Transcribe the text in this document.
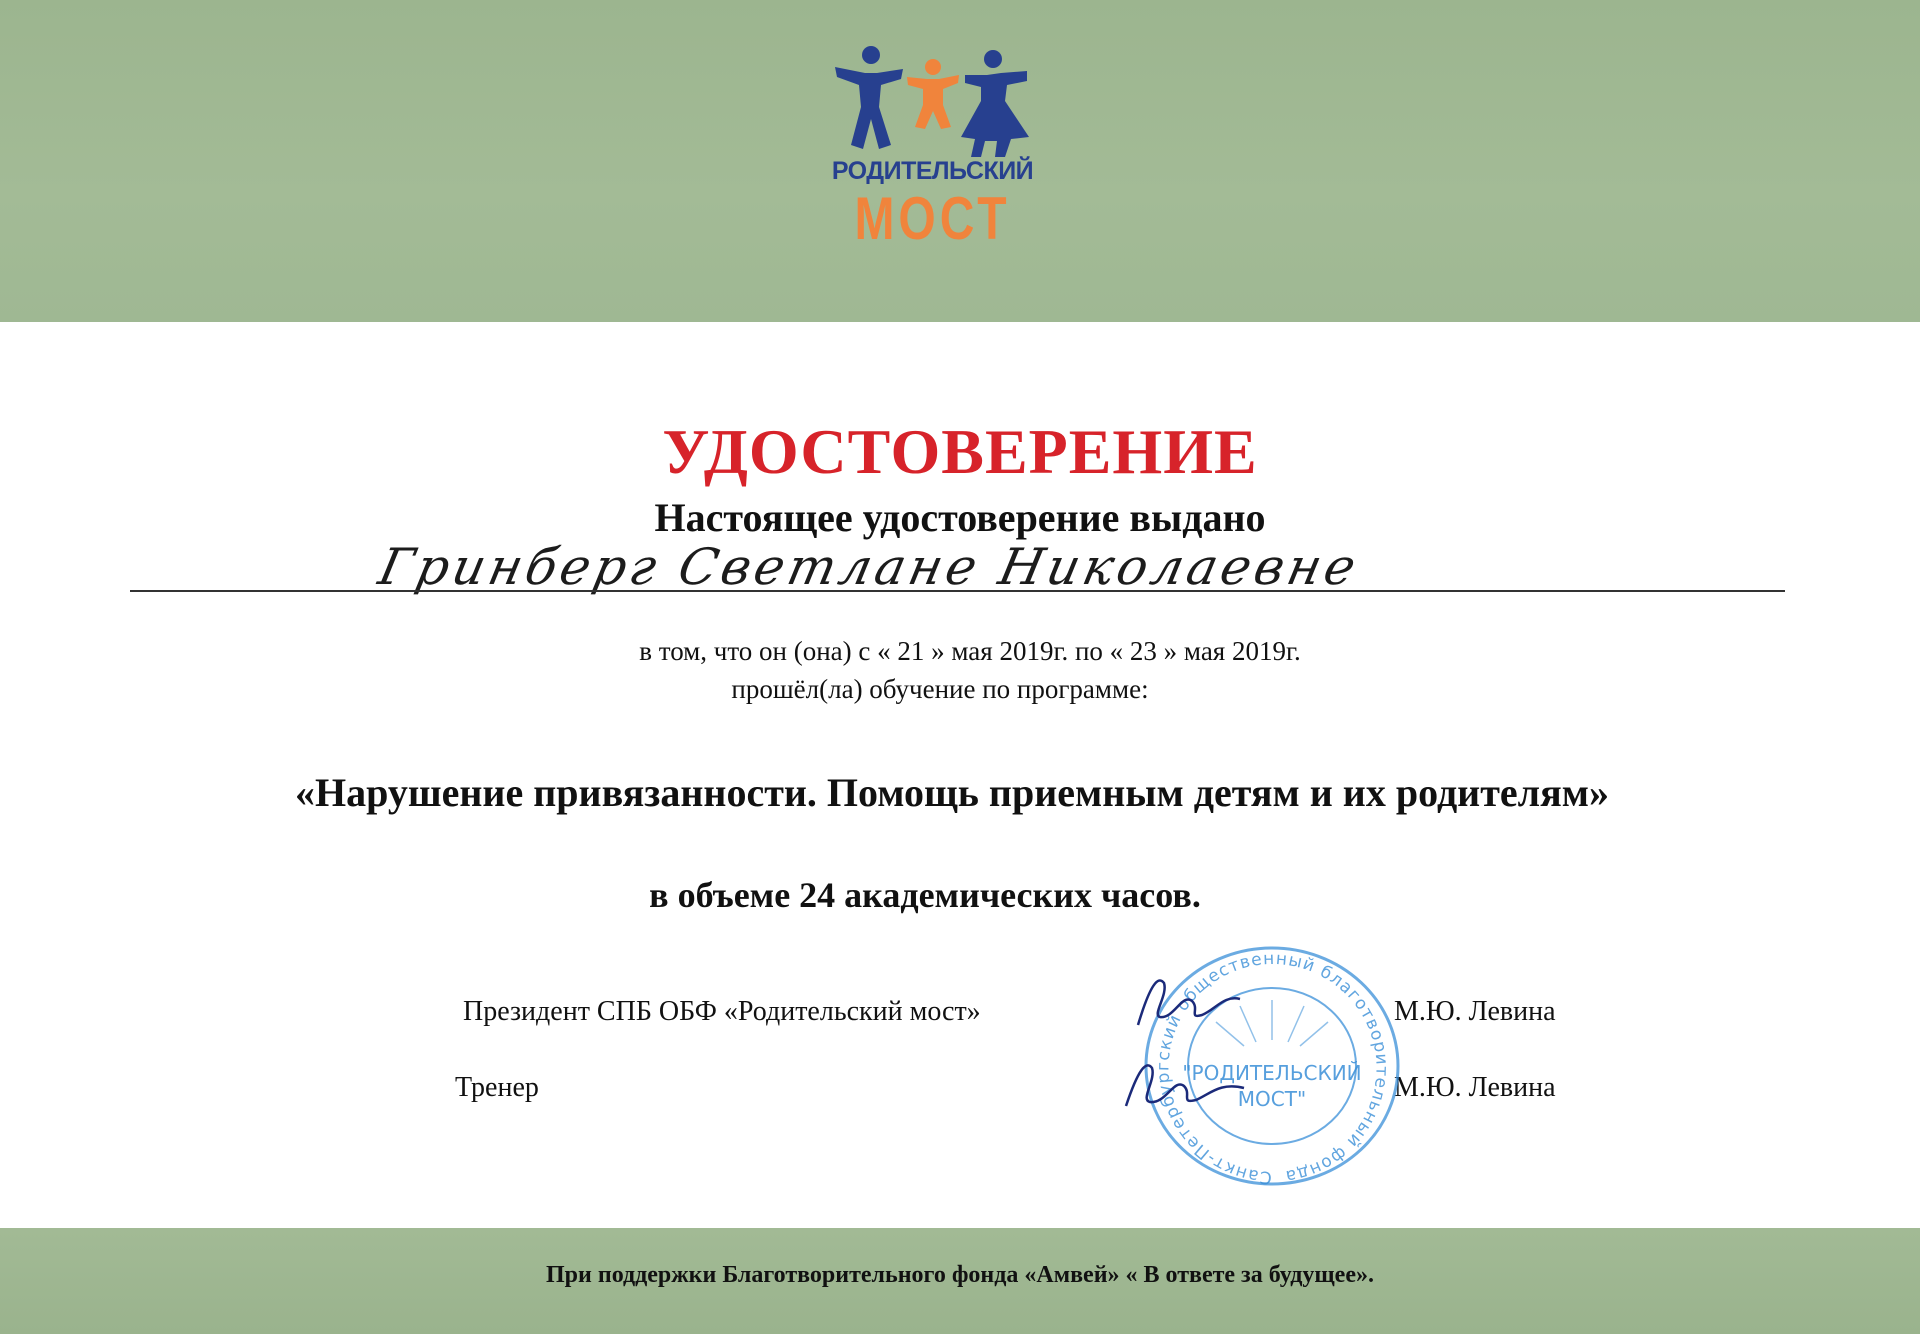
РОДИТЕЛЬСКИЙ
МОСТ
УДОСТОВЕРЕНИЕ
Настоящее удостоверение выдано
Гринберг Светлане Николаевне
в том, что он (она) с « 21 » мая 2019г. по « 23 » мая 2019г.
прошёл(ла) обучение по программе:
«Нарушение привязанности. Помощь приемным детям и их родителям»
в объеме 24 академических часов.
Президент СПБ ОБФ «Родительский мост»	М.Ю. Левина
Тренер	М.Ю. Левина
Санкт-Петербургский общественный благотворительный фонда
"РОДИТЕЛЬСКИЙ
МОСТ"
При поддержки Благотворительного фонда «Амвей» « В ответе за будущее».
